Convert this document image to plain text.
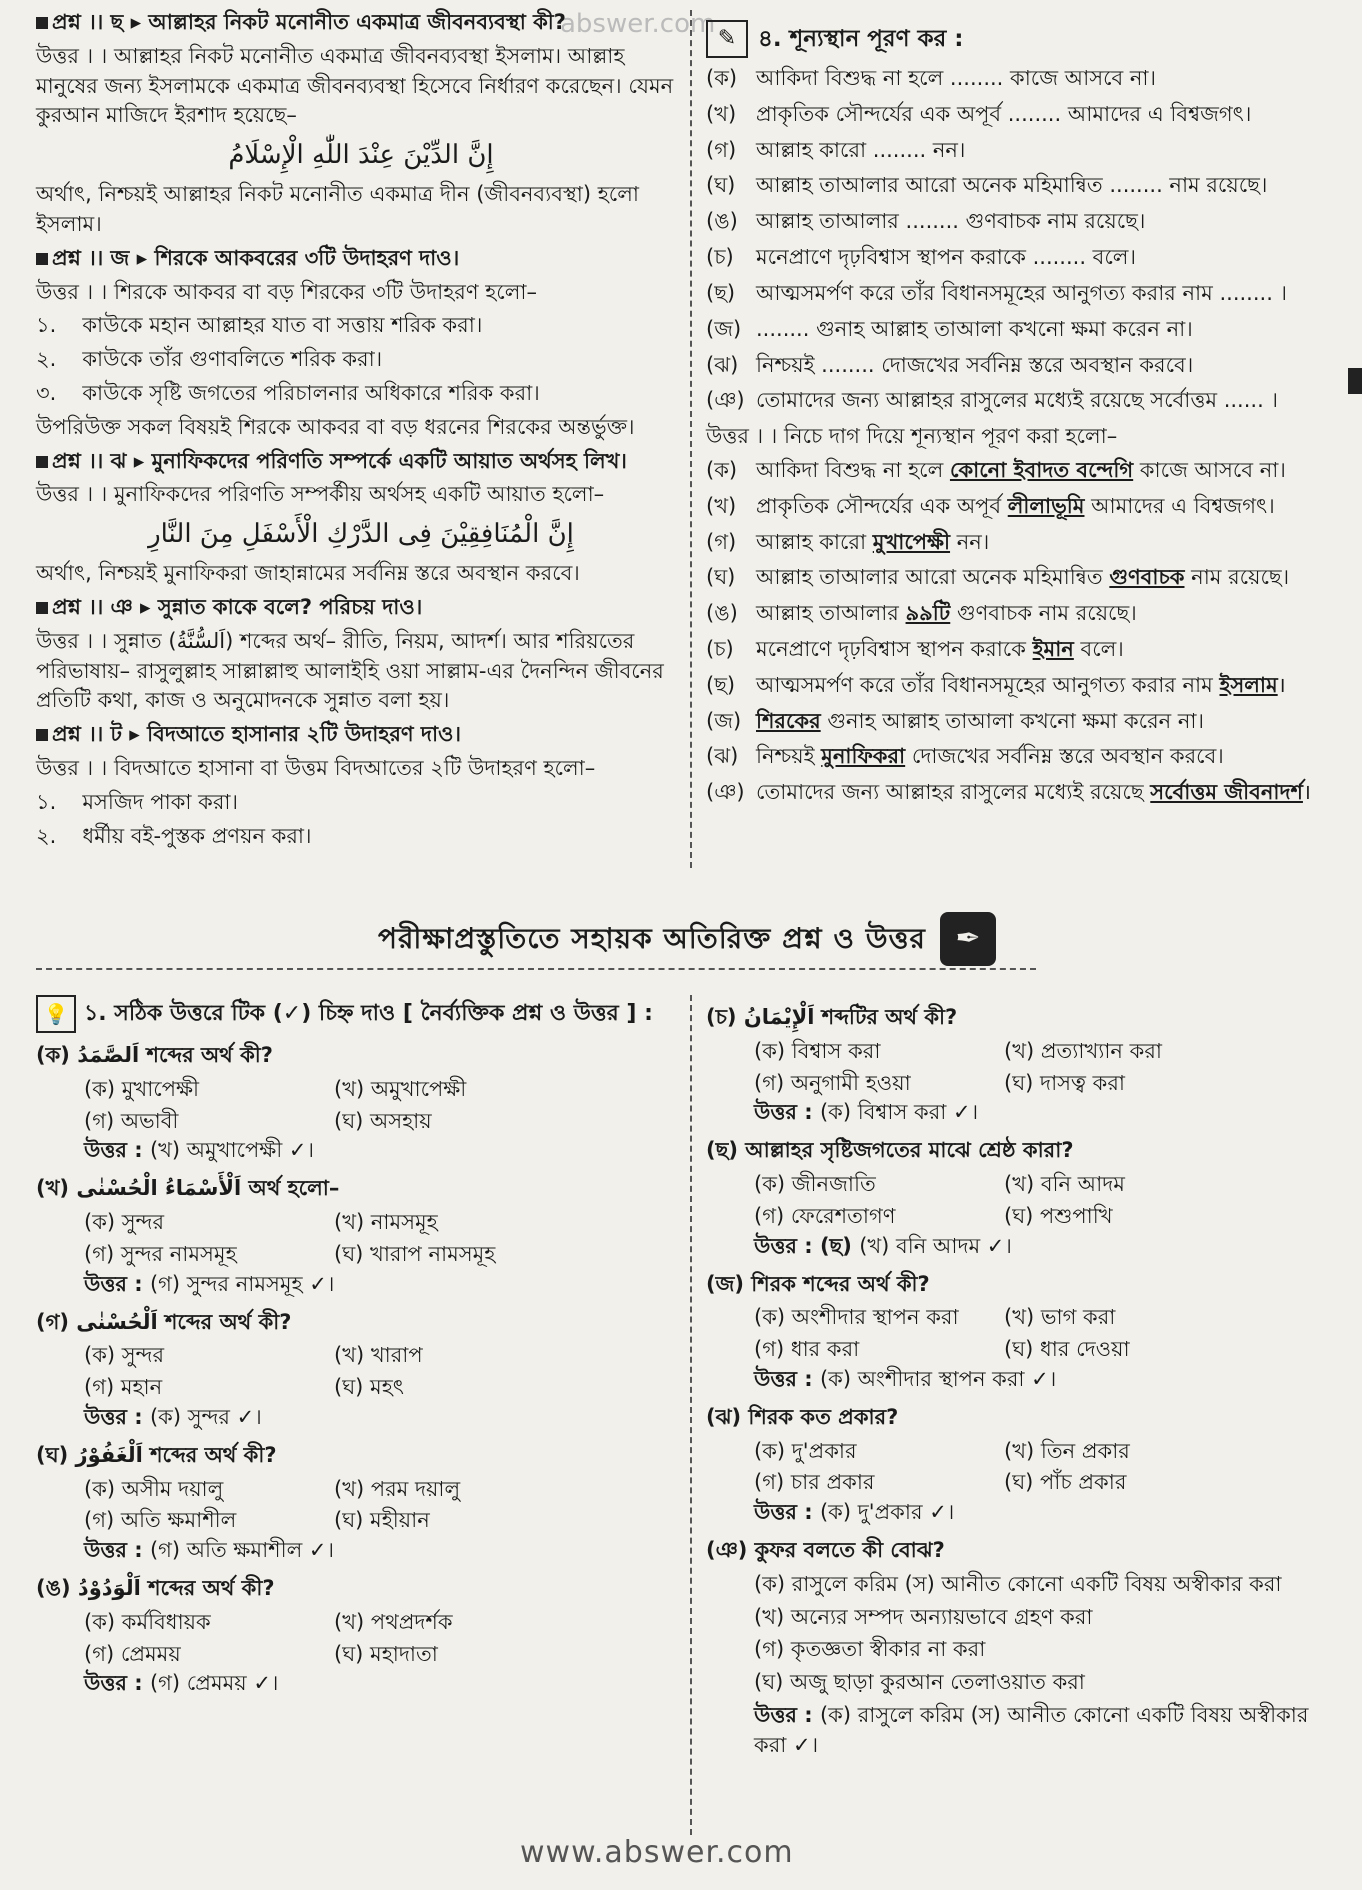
abswer.com

প্রশ্ন ।। ছ ▸ আল্লাহর নিকট মনোনীত একমাত্র জীবনব্যবস্থা কী?

উত্তর । । আল্লাহর নিকট মনোনীত একমাত্র জীবনব্যবস্থা ইসলাম। আল্লাহ মানুষের জন্য ইসলামকে একমাত্র জীবনব্যবস্থা হিসেবে নির্ধারণ করেছেন। যেমন কুরআন মাজিদে ইরশাদ হয়েছে–

إِنَّ الدِّيْنَ عِنْدَ اللّٰهِ الْإِسْلَامُ

অর্থাৎ, নিশ্চয়ই আল্লাহর নিকট মনোনীত একমাত্র দীন (জীবনব্যবস্থা) হলো ইসলাম।

প্রশ্ন ।। জ ▸ শিরকে আকবরের ৩টি উদাহরণ দাও।

উত্তর । । শিরকে আকবর বা বড় শিরকের ৩টি উদাহরণ হলো–

১. কাউকে মহান আল্লাহর যাত বা সত্তায় শরিক করা।
২. কাউকে তাঁর গুণাবলিতে শরিক করা।
৩. কাউকে সৃষ্টি জগতের পরিচালনার অধিকারে শরিক করা।

উপরিউক্ত সকল বিষয়ই শিরকে আকবর বা বড় ধরনের শিরকের অন্তর্ভুক্ত।

প্রশ্ন ।। ঝ ▸ মুনাফিকদের পরিণতি সম্পর্কে একটি আয়াত অর্থসহ লিখ।

উত্তর । । মুনাফিকদের পরিণতি সম্পর্কীয় অর্থসহ একটি আয়াত হলো–

إِنَّ الْمُنَافِقِيْنَ فِى الدَّرْكِ الْأَسْفَلِ مِنَ النَّارِ

অর্থাৎ, নিশ্চয়ই মুনাফিকরা জাহান্নামের সর্বনিম্ন স্তরে অবস্থান করবে।

প্রশ্ন ।। ঞ ▸ সুন্নাত কাকে বলে? পরিচয় দাও।

উত্তর । । সুন্নাত (اَلسُّنَّةُ) শব্দের অর্থ– রীতি, নিয়ম, আদর্শ। আর শরিয়তের পরিভাষায়– রাসুলুল্লাহ সাল্লাল্লাহু আলাইহি ওয়া সাল্লাম-এর দৈনন্দিন জীবনের প্রতিটি কথা, কাজ ও অনুমোদনকে সুন্নাত বলা হয়।

প্রশ্ন ।। ট ▸ বিদআতে হাসানার ২টি উদাহরণ দাও।

উত্তর । । বিদআতে হাসানা বা উত্তম বিদআতের ২টি উদাহরণ হলো–

১. মসজিদ পাকা করা।
২. ধর্মীয় বই-পুস্তক প্রণয়ন করা।
✎ ৪. শূন্যস্থান পূরণ কর :
(ক) আকিদা বিশুদ্ধ না হলে ........ কাজে আসবে না।
(খ) প্রাকৃতিক সৌন্দর্যের এক অপূর্ব ........ আমাদের এ বিশ্বজগৎ।
(গ) আল্লাহ কারো ........ নন।
(ঘ) আল্লাহ তাআলার আরো অনেক মহিমান্বিত ........ নাম রয়েছে।
(ঙ) আল্লাহ তাআলার ........ গুণবাচক নাম রয়েছে।
(চ)	মনেপ্রাণে দৃঢ়বিশ্বাস স্থাপন করাকে ........ বলে।
(ছ) আত্মসমর্পণ করে তাঁর বিধানসমূহের আনুগত্য করার নাম ........ ।
(জ) ........ গুনাহ আল্লাহ তাআলা কখনো ক্ষমা করেন না।
(ঝ) নিশ্চয়ই ........ দোজখের সর্বনিম্ন স্তরে অবস্থান করবে।
(ঞ) তোমাদের জন্য আল্লাহর রাসুলের মধ্যেই রয়েছে সর্বোত্তম ...... ।

উত্তর । । নিচে দাগ দিয়ে শূন্যস্থান পূরণ করা হলো–

(ক) আকিদা বিশুদ্ধ না হলে কোনো ইবাদত বন্দেগি কাজে আসবে না।
(খ) প্রাকৃতিক সৌন্দর্যের এক অপূর্ব লীলাভূমি আমাদের এ বিশ্বজগৎ।
(গ) আল্লাহ কারো মুখাপেক্ষী নন।
(ঘ) আল্লাহ তাআলার আরো অনেক মহিমান্বিত গুণবাচক নাম রয়েছে।
(ঙ) আল্লাহ তাআলার ৯৯টি গুণবাচক নাম রয়েছে।
(চ)	মনেপ্রাণে দৃঢ়বিশ্বাস স্থাপন করাকে ইমান বলে।
(ছ) আত্মসমর্পণ করে তাঁর বিধানসমূহের আনুগত্য করার নাম ইসলাম।
(জ) শিরকের গুনাহ আল্লাহ তাআলা কখনো ক্ষমা করেন না।
(ঝ) নিশ্চয়ই মুনাফিকরা দোজখের সর্বনিম্ন স্তরে অবস্থান করবে।
(ঞ) তোমাদের জন্য আল্লাহর রাসুলের মধ্যেই রয়েছে সর্বোত্তম জীবনাদর্শ।
পরীক্ষাপ্রস্তুতিতে সহায়ক অতিরিক্ত প্রশ্ন ও উত্তর ✒
💡 ১. সঠিক উত্তরে টিক (✓) চিহ্ন দাও [ নৈর্ব্যক্তিক প্রশ্ন ও উত্তর ] :

(ক) اَلصَّمَدُ শব্দের অর্থ কী?

(ক) মুখাপেক্ষী	(খ) অমুখাপেক্ষী
(গ) অভাবী	(ঘ) অসহায়

উত্তর : (খ) অমুখাপেক্ষী ✓।

(খ) اَلْأَسْمَاءُ الْحُسْنٰى অর্থ হলো–

(ক) সুন্দর	(খ) নামসমূহ
(গ) সুন্দর নামসমূহ	(ঘ) খারাপ নামসমূহ

উত্তর : (গ) সুন্দর নামসমূহ ✓।

(গ) اَلْحُسْنٰى শব্দের অর্থ কী?

(ক) সুন্দর	(খ) খারাপ
(গ) মহান	(ঘ) মহৎ

উত্তর : (ক) সুন্দর ✓।

(ঘ) اَلْغَفُوْرُ শব্দের অর্থ কী?

(ক) অসীম দয়ালু	(খ) পরম দয়ালু
(গ) অতি ক্ষমাশীল	(ঘ) মহীয়ান

উত্তর : (গ) অতি ক্ষমাশীল ✓।

(ঙ) اَلْوَدُوْدُ শব্দের অর্থ কী?

(ক) কর্মবিধায়ক	(খ) পথপ্রদর্শক
(গ) প্রেমময়	(ঘ) মহাদাতা

উত্তর : (গ) প্রেমময় ✓।

(চ) اَلْإِيْمَانُ শব্দটির অর্থ কী?

(ক) বিশ্বাস করা	(খ) প্রত্যাখ্যান করা
(গ) অনুগামী হওয়া	(ঘ) দাসত্ব করা

উত্তর : (ক) বিশ্বাস করা ✓।

(ছ) আল্লাহর সৃষ্টিজগতের মাঝে শ্রেষ্ঠ কারা?

(ক) জীনজাতি	(খ) বনি আদম
(গ) ফেরেশতাগণ	(ঘ) পশুপাখি

উত্তর : (ছ) (খ) বনি আদম ✓।

(জ) শিরক শব্দের অর্থ কী?

(ক) অংশীদার স্থাপন করা	(খ) ভাগ করা
(গ) ধার করা	(ঘ) ধার দেওয়া

উত্তর : (ক) অংশীদার স্থাপন করা ✓।

(ঝ) শিরক কত প্রকার?

(ক) দু'প্রকার	(খ) তিন প্রকার
(গ) চার প্রকার	(ঘ) পাঁচ প্রকার

উত্তর : (ক) দু'প্রকার ✓।

(ঞ) কুফর বলতে কী বোঝ?

(ক) রাসুলে করিম (স) আনীত কোনো একটি বিষয় অস্বীকার করা
(খ) অন্যের সম্পদ অন্যায়ভাবে গ্রহণ করা
(গ) কৃতজ্ঞতা স্বীকার না করা
(ঘ) অজু ছাড়া কুরআন তেলাওয়াত করা

উত্তর : (ক) রাসুলে করিম (স) আনীত কোনো একটি বিষয় অস্বীকার করা ✓।

www.abswer.com
